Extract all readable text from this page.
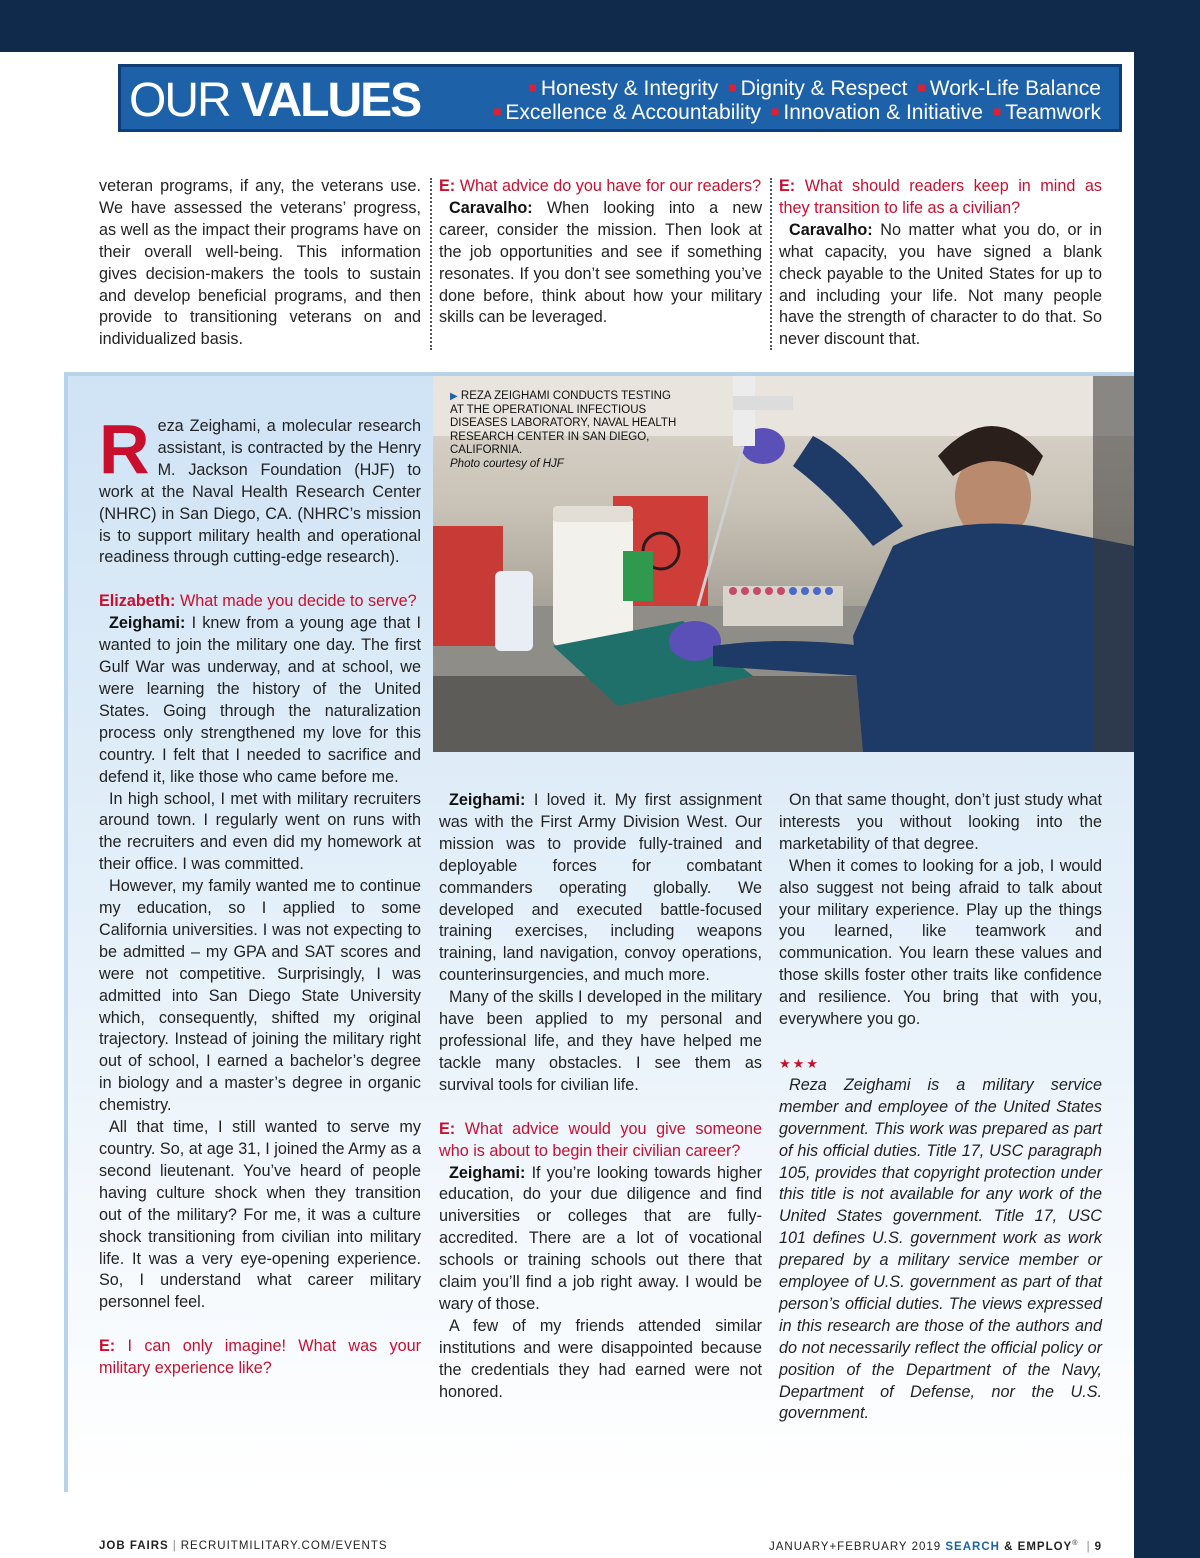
OUR VALUES	■ Honesty & Integrity ■ Dignity & Respect ■ Work-Life Balance
■ Excellence & Accountability ■ Innovation & Initiative ■ Teamwork

veteran programs, if any, the veterans use. We have assessed the veterans’ progress, as well as the impact their programs have on their overall well-being. This information gives decision-makers the tools to sustain and develop beneficial programs, and then provide to transitioning veterans on and individualized basis.

E: What advice do you have for our readers?

Caravalho: When looking into a new career, consider the mission. Then look at the job opportunities and see if something resonates. If you don’t see something you’ve done before, think about how your military skills can be leveraged.

E: What should readers keep in mind as they transition to life as a civilian?

Caravalho: No matter what you do, or in what capacity, you have signed a blank check payable to the United States for up to and including your life. Not many people have the strength of character to do that. So never discount that.

▶ REZA ZEIGHAMI CONDUCTS TESTING AT THE OPERATIONAL INFECTIOUS DISEASES LABORATORY, NAVAL HEALTH RESEARCH CENTER IN SAN DIEGO, CALIFORNIA.
Photo courtesy of HJF

Reza Zeighami, a molecular research assistant, is contracted by the Henry M. Jackson Foundation (HJF) to work at the Naval Health Research Center (NHRC) in San Diego, CA. (NHRC’s mission is to support military health and operational readiness through cutting-edge research).

Elizabeth: What made you decide to serve?

Zeighami: I knew from a young age that I wanted to join the military one day. The first Gulf War was underway, and at school, we were learning the history of the United States. Going through the naturalization process only strengthened my love for this country. I felt that I needed to sacrifice and defend it, like those who came before me.

In high school, I met with military recruiters around town. I regularly went on runs with the recruiters and even did my homework at their office. I was committed.

However, my family wanted me to continue my education, so I applied to some California universities. I was not expecting to be admitted – my GPA and SAT scores and were not competitive. Surprisingly, I was admitted into San Diego State University which, consequently, shifted my original trajectory. Instead of joining the military right out of school, I earned a bachelor’s degree in biology and a master’s degree in organic chemistry.

All that time, I still wanted to serve my country. So, at age 31, I joined the Army as a second lieutenant. You’ve heard of people having culture shock when they transition out of the military? For me, it was a culture shock transitioning from civilian into military life. It was a very eye-opening experience. So, I understand what career military personnel feel.

E: I can only imagine! What was your military experience like?

Zeighami: I loved it. My first assignment was with the First Army Division West. Our mission was to provide fully-trained and deployable forces for combatant commanders operating globally. We developed and executed battle-focused training exercises, including weapons training, land navigation, convoy operations, counterinsurgencies, and much more.

Many of the skills I developed in the military have been applied to my personal and professional life, and they have helped me tackle many obstacles. I see them as survival tools for civilian life.

E: What advice would you give someone who is about to begin their civilian career?

Zeighami: If you’re looking towards higher education, do your due diligence and find universities or colleges that are fully-accredited. There are a lot of vocational schools or training schools out there that claim you’ll find a job right away. I would be wary of those.

A few of my friends attended similar institutions and were disappointed because the credentials they had earned were not honored.

On that same thought, don’t just study what interests you without looking into the marketability of that degree.

When it comes to looking for a job, I would also suggest not being afraid to talk about your military experience. Play up the things you learned, like teamwork and communication. You learn these values and those skills foster other traits like confidence and resilience. You bring that with you, everywhere you go.

★★★

Reza Zeighami is a military service member and employee of the United States government. This work was prepared as part of his official duties. Title 17, USC paragraph 105, provides that copyright protection under this title is not available for any work of the United States government. Title 17, USC 101 defines U.S. government work as work prepared by a military service member or employee of U.S. government as part of that person’s official duties. The views expressed in this research are those of the authors and do not necessarily reflect the official policy or position of the Department of the Navy, Department of Defense, nor the U.S. government.

JOB FAIRS | RECRUITMILITARY.COM/EVENTS	JANUARY+FEBRUARY 2019 SEARCH & EMPLOY® | 9
